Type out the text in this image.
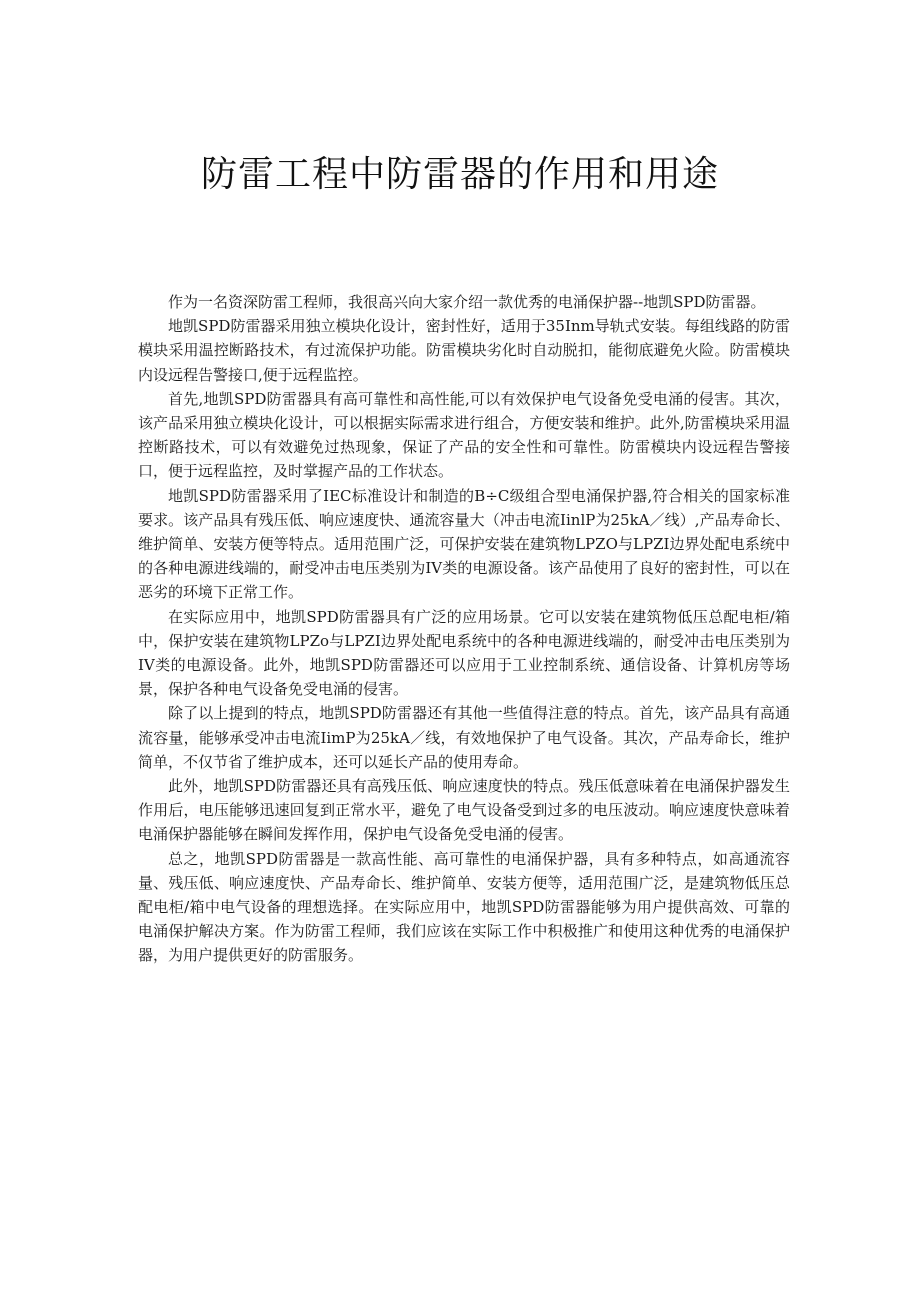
防雷工程中防雷器的作用和用途

作为一名资深防雷工程师，我很高兴向大家介绍一款优秀的电涌保护器--地凯SPD防雷器。

地凯SPD防雷器采用独立模块化设计，密封性好，适用于35Inm导轨式安装。每组线路的防雷模块采用温控断路技术，有过流保护功能。防雷模块劣化时自动脱扣，能彻底避免火险。防雷模块内设远程告警接口,便于远程监控。

首先,地凯SPD防雷器具有高可靠性和高性能,可以有效保护电气设备免受电涌的侵害。其次，该产品采用独立模块化设计，可以根据实际需求进行组合，方便安装和维护。此外,防雷模块采用温控断路技术，可以有效避免过热现象，保证了产品的安全性和可靠性。防雷模块内设远程告警接口，便于远程监控，及时掌握产品的工作状态。

地凯SPD防雷器采用了IEC标准设计和制造的B÷C级组合型电涌保护器,符合相关的国家标准要求。该产品具有残压低、响应速度快、通流容量大（冲击电流IinlP为25kA／线）,产品寿命长、维护简单、安装方便等特点。适用范围广泛，可保护安装在建筑物LPZO与LPZI边界处配电系统中的各种电源进线端的，耐受冲击电压类别为IV类的电源设备。该产品使用了良好的密封性，可以在恶劣的环境下正常工作。

在实际应用中，地凯SPD防雷器具有广泛的应用场景。它可以安装在建筑物低压总配电柜/箱中，保护安装在建筑物LPZo与LPZI边界处配电系统中的各种电源进线端的，耐受冲击电压类别为IV类的电源设备。此外，地凯SPD防雷器还可以应用于工业控制系统、通信设备、计算机房等场景，保护各种电气设备免受电涌的侵害。

除了以上提到的特点，地凯SPD防雷器还有其他一些值得注意的特点。首先，该产品具有高通流容量，能够承受冲击电流IimP为25kA／线，有效地保护了电气设备。其次，产品寿命长，维护简单，不仅节省了维护成本，还可以延长产品的使用寿命。

此外，地凯SPD防雷器还具有高残压低、响应速度快的特点。残压低意味着在电涌保护器发生作用后，电压能够迅速回复到正常水平，避免了电气设备受到过多的电压波动。响应速度快意味着电涌保护器能够在瞬间发挥作用，保护电气设备免受电涌的侵害。

总之，地凯SPD防雷器是一款高性能、高可靠性的电涌保护器，具有多种特点，如高通流容量、残压低、响应速度快、产品寿命长、维护简单、安装方便等，适用范围广泛，是建筑物低压总配电柜/箱中电气设备的理想选择。在实际应用中，地凯SPD防雷器能够为用户提供高效、可靠的电涌保护解决方案。作为防雷工程师，我们应该在实际工作中积极推广和使用这种优秀的电涌保护器，为用户提供更好的防雷服务。
